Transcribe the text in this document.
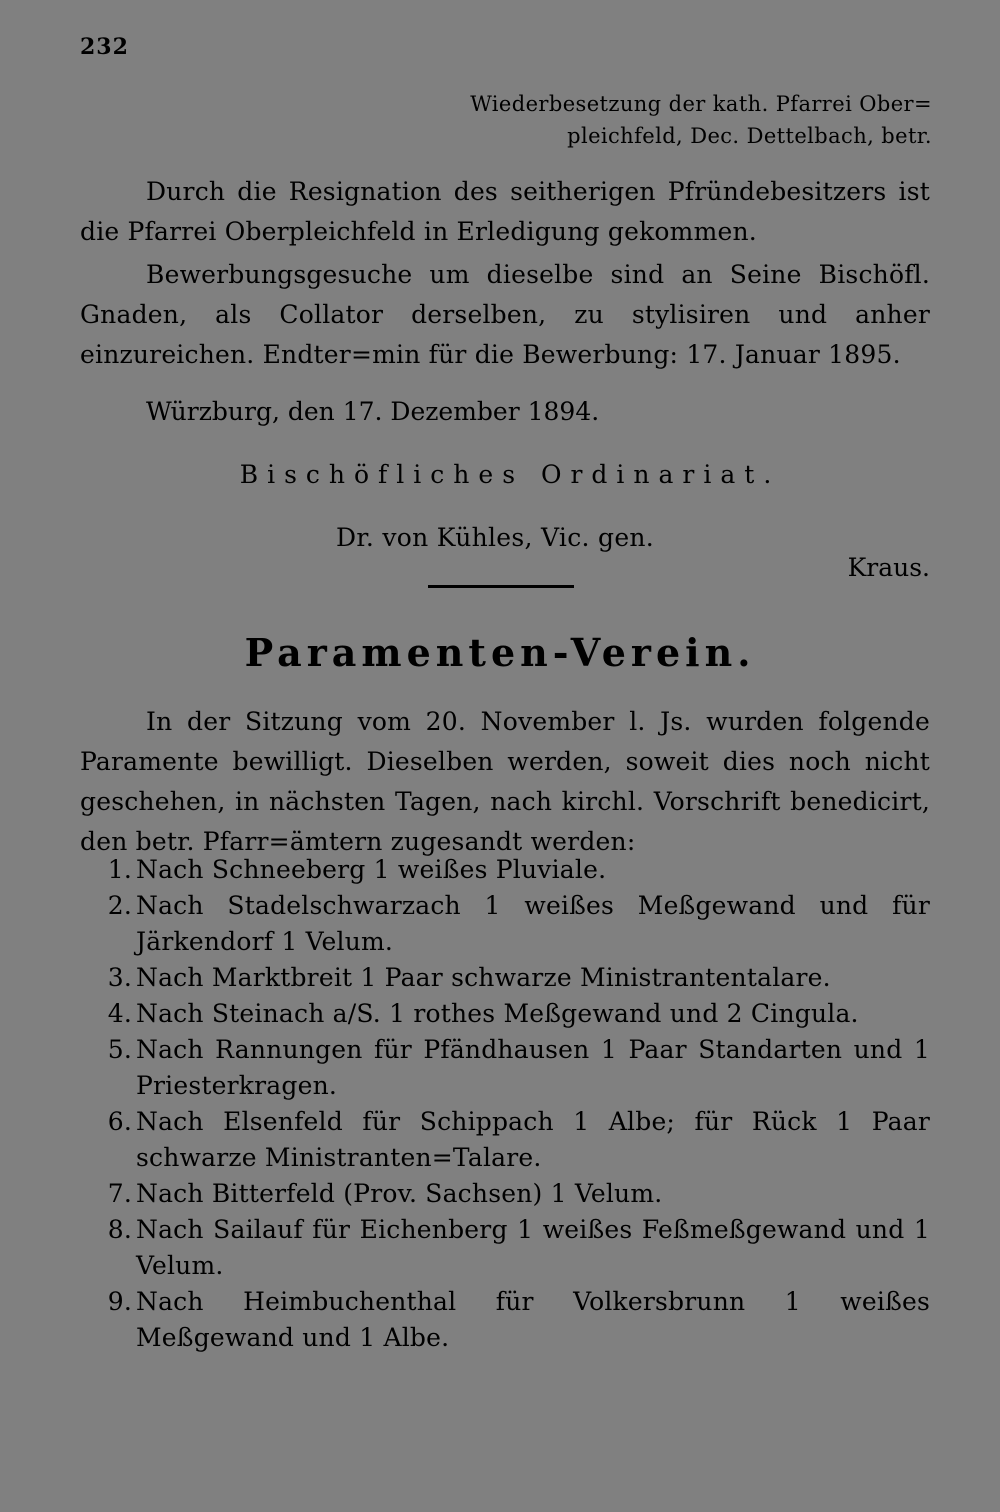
232
Wiederbesetzung der kath. Pfarrei Ober=
pleichfeld, Dec. Dettelbach, betr.

Durch die Resignation des seitherigen Pfründebesitzers ist die Pfarrei Oberpleichfeld in Erledigung gekommen.

Bewerbungsgesuche um dieselbe sind an Seine Bischöfl. Gnaden, als Collator derselben, zu stylisiren und anher einzureichen. Endter=min für die Bewerbung: 17. Januar 1895.

Würzburg, den 17. Dezember 1894.
Bischöfliches Ordinariat.
Dr. von Kühles, Vic. gen.
Kraus.
Paramenten-Verein.

In der Sitzung vom 20. November l. Js. wurden folgende Paramente bewilligt. Dieselben werden, soweit dies noch nicht geschehen, in nächsten Tagen, nach kirchl. Vorschrift benedicirt, den betr. Pfarr=ämtern zugesandt werden:

1. Nach Schneeberg 1 weißes Pluviale.
2. Nach Stadelschwarzach 1 weißes Meßgewand und für Järkendorf 1 Velum.
3. Nach Marktbreit 1 Paar schwarze Ministrantentalare.
4. Nach Steinach a/S. 1 rothes Meßgewand und 2 Cingula.
5. Nach Rannungen für Pfändhausen 1 Paar Standarten und 1 Priesterkragen.
6. Nach Elsenfeld für Schippach 1 Albe; für Rück 1 Paar schwarze Ministranten=Talare.
7. Nach Bitterfeld (Prov. Sachsen) 1 Velum.
8. Nach Sailauf für Eichenberg 1 weißes Feßmeßgewand und 1 Velum.
9. Nach Heimbuchenthal für Volkersbrunn 1 weißes Meßgewand und 1 Albe.
